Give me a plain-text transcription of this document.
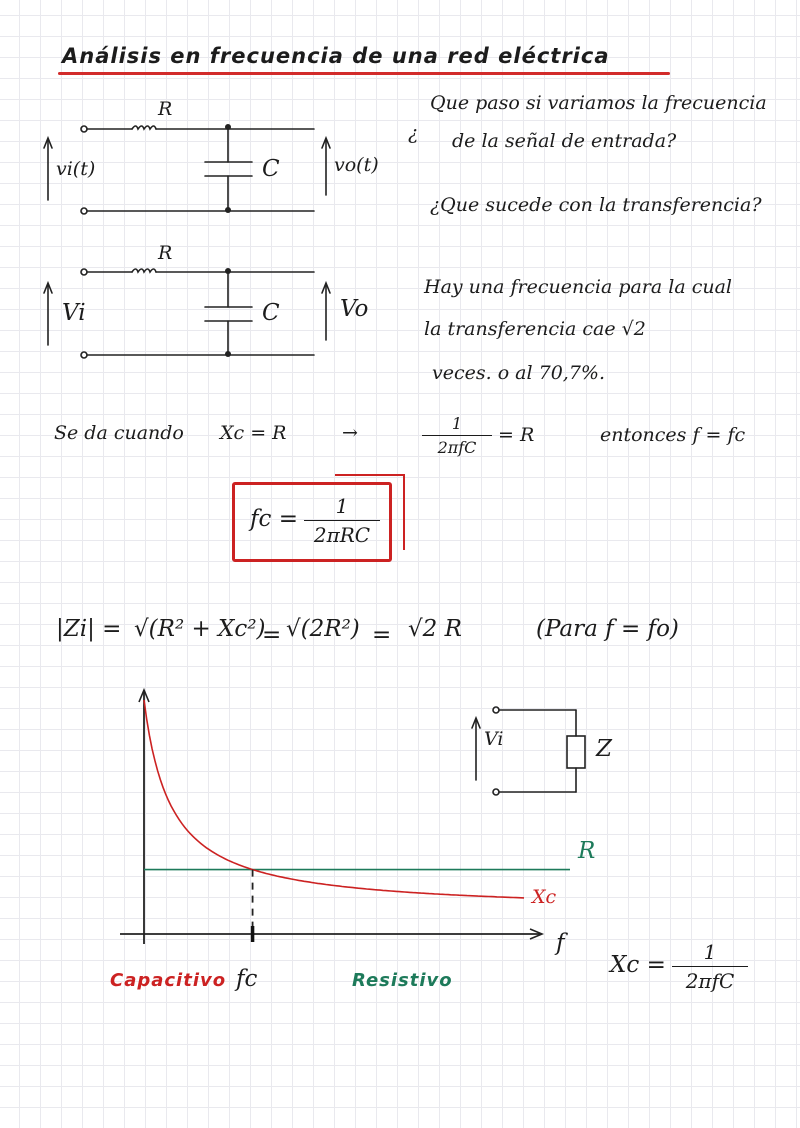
Análisis en frecuencia de una red eléctrica

R

C

vi(t)	vo(t)

R

C

Vi	Vo

¿

Que paso si variamos la frecuencia

de la señal de entrada?

¿Que sucede con la transferencia?

Hay una frecuencia para la cual

la transferencia cae √2

veces. o al 70,7%.

Se da cuando Xc = R	→	1
2πfC

= R	entonces f = fc

fc =	1
2πRC

|Zi| = √(R² + Xc²)

= √(2R²) = √2 R	(Para f = fo)

f

R

Xc

fc

Capacitivo	Resistivo

Vi	Z

Xc =	1
2πfC
